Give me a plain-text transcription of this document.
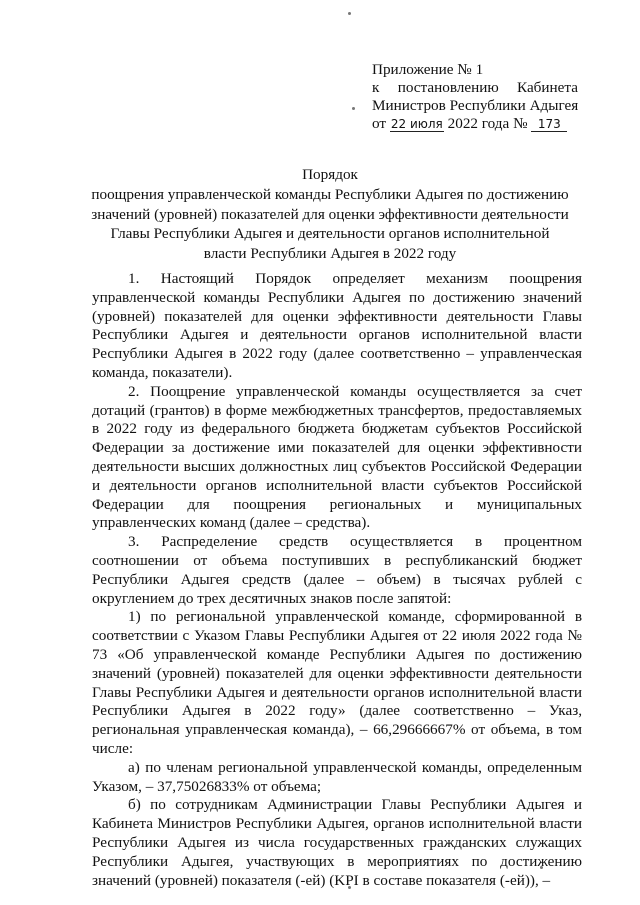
Приложение № 1
к постановлению Кабинета
Министров Республики Адыгея
от 22 июля 2022 года № 173
Порядок
поощрения управленческой команды Республики Адыгея по достижению
значений (уровней) показателей для оценки эффективности деятельности
Главы Республики Адыгея и деятельности органов исполнительной
власти Республики Адыгея в 2022 году

1. Настоящий Порядок определяет механизм поощрения управленческой команды Республики Адыгея по достижению значений (уровней) показателей для оценки эффективности деятельности Главы Республики Адыгея и деятельности органов исполнительной власти Республики Адыгея в 2022 году (далее соответственно – управленческая команда, показатели).

2. Поощрение управленческой команды осуществляется за счет дотаций (грантов) в форме межбюджетных трансфертов, предоставляемых в 2022 году из федерального бюджета бюджетам субъектов Российской Федерации за достижение ими показателей для оценки эффективности деятельности высших должностных лиц субъектов Российской Федерации и деятельности органов исполнительной власти субъектов Российской Федерации для поощрения региональных и муниципальных управленческих команд (далее – средства).

3. Распределение средств осуществляется в процентном соотношении от объема поступивших в республиканский бюджет Республики Адыгея средств (далее – объем) в тысячах рублей с округлением до трех десятичных знаков после запятой:

1) по региональной управленческой команде, сформированной в соответствии с Указом Главы Республики Адыгея от 22 июля 2022 года № 73 «Об управленческой команде Республики Адыгея по достижению значений (уровней) показателей для оценки эффективности деятельности Главы Республики Адыгея и деятельности органов исполнительной власти Республики Адыгея в 2022 году» (далее соответственно – Указ, региональная управленческая команда), – 66,29666667% от объема, в том числе:

а) по членам региональной управленческой команды, определенным Указом, – 37,75026833% от объема;

б) по сотрудникам Администрации Главы Республики Адыгея и Кабинета Министров Республики Адыгея, органов исполнительной власти Республики Адыгея из числа государственных гражданских служащих Республики Адыгея, участвующих в мероприятиях по достижению значений (уровней) показателя (-ей) (KPI в составе показателя (-ей)), –
